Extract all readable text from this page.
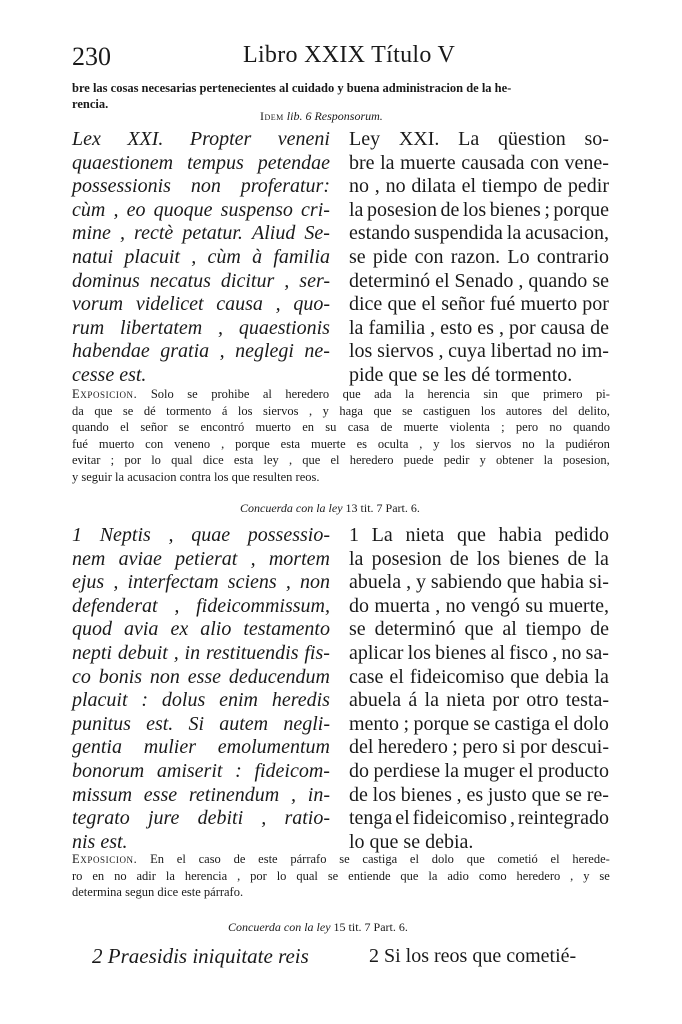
230	Libro XXIX Título V
bre las cosas necesarias pertenecientes al cuidado y buena administracion de la he-
rencia.
Idem lib. 6 Responsorum.
Lex XXI. Propter veneni
quaestionem tempus petendae
possessionis non proferatur:
cùm , eo quoque suspenso cri-
mine , rectè petatur. Aliud Se-
natui placuit , cùm à familia
dominus necatus dicitur , ser-
vorum videlicet causa , quo-
rum libertatem , quaestionis
habendae gratia , neglegi ne-
cesse est.
Ley XXI. La qüestion so-
bre la muerte causada con vene-
no , no dilata el tiempo de pedir
la posesion de los bienes ; porque
estando suspendida la acusacion,
se pide con razon. Lo contrario
determinó el Senado , quando se
dice que el señor fué muerto por
la familia , esto es , por causa de
los siervos , cuya libertad no im-
pide que se les dé tormento.
Exposicion. Solo se prohibe al heredero que ada la herencia sin que primero pi-
da que se dé tormento á los siervos , y haga que se castiguen los autores del delito,
quando el señor se encontró muerto en su casa de muerte violenta ; pero no quando
fué muerto con veneno , porque esta muerte es oculta , y los siervos no la pudiéron
evitar ; por lo qual dice esta ley , que el heredero puede pedir y obtener la posesion,
y seguir la acusacion contra los que resulten reos.
Concuerda con la ley 13 tit. 7 Part. 6.
1 Neptis , quae possessio-
nem aviae petierat , mortem
ejus , interfectam sciens , non
defenderat , fideicommissum,
quod avia ex alio testamento
nepti debuit , in restituendis fis-
co bonis non esse deducendum
placuit : dolus enim heredis
punitus est. Si autem negli-
gentia mulier emolumentum
bonorum amiserit : fideicom-
missum esse retinendum , in-
tegrato jure debiti , ratio-
nis est.
1 La nieta que habia pedido
la posesion de los bienes de la
abuela , y sabiendo que habia si-
do muerta , no vengó su muerte,
se determinó que al tiempo de
aplicar los bienes al fisco , no sa-
case el fideicomiso que debia la
abuela á la nieta por otro testa-
mento ; porque se castiga el dolo
del heredero ; pero si por descui-
do perdiese la muger el producto
de los bienes , es justo que se re-
tenga el fideicomiso , reintegrado
lo que se debia.
Exposicion. En el caso de este párrafo se castiga el dolo que cometió el herede-
ro en no adir la herencia , por lo qual se entiende que la adio como heredero , y se
determina segun dice este párrafo.
Concuerda con la ley 15 tit. 7 Part. 6.
2 Praesidis iniquitate reis	2 Si los reos que cometié-
